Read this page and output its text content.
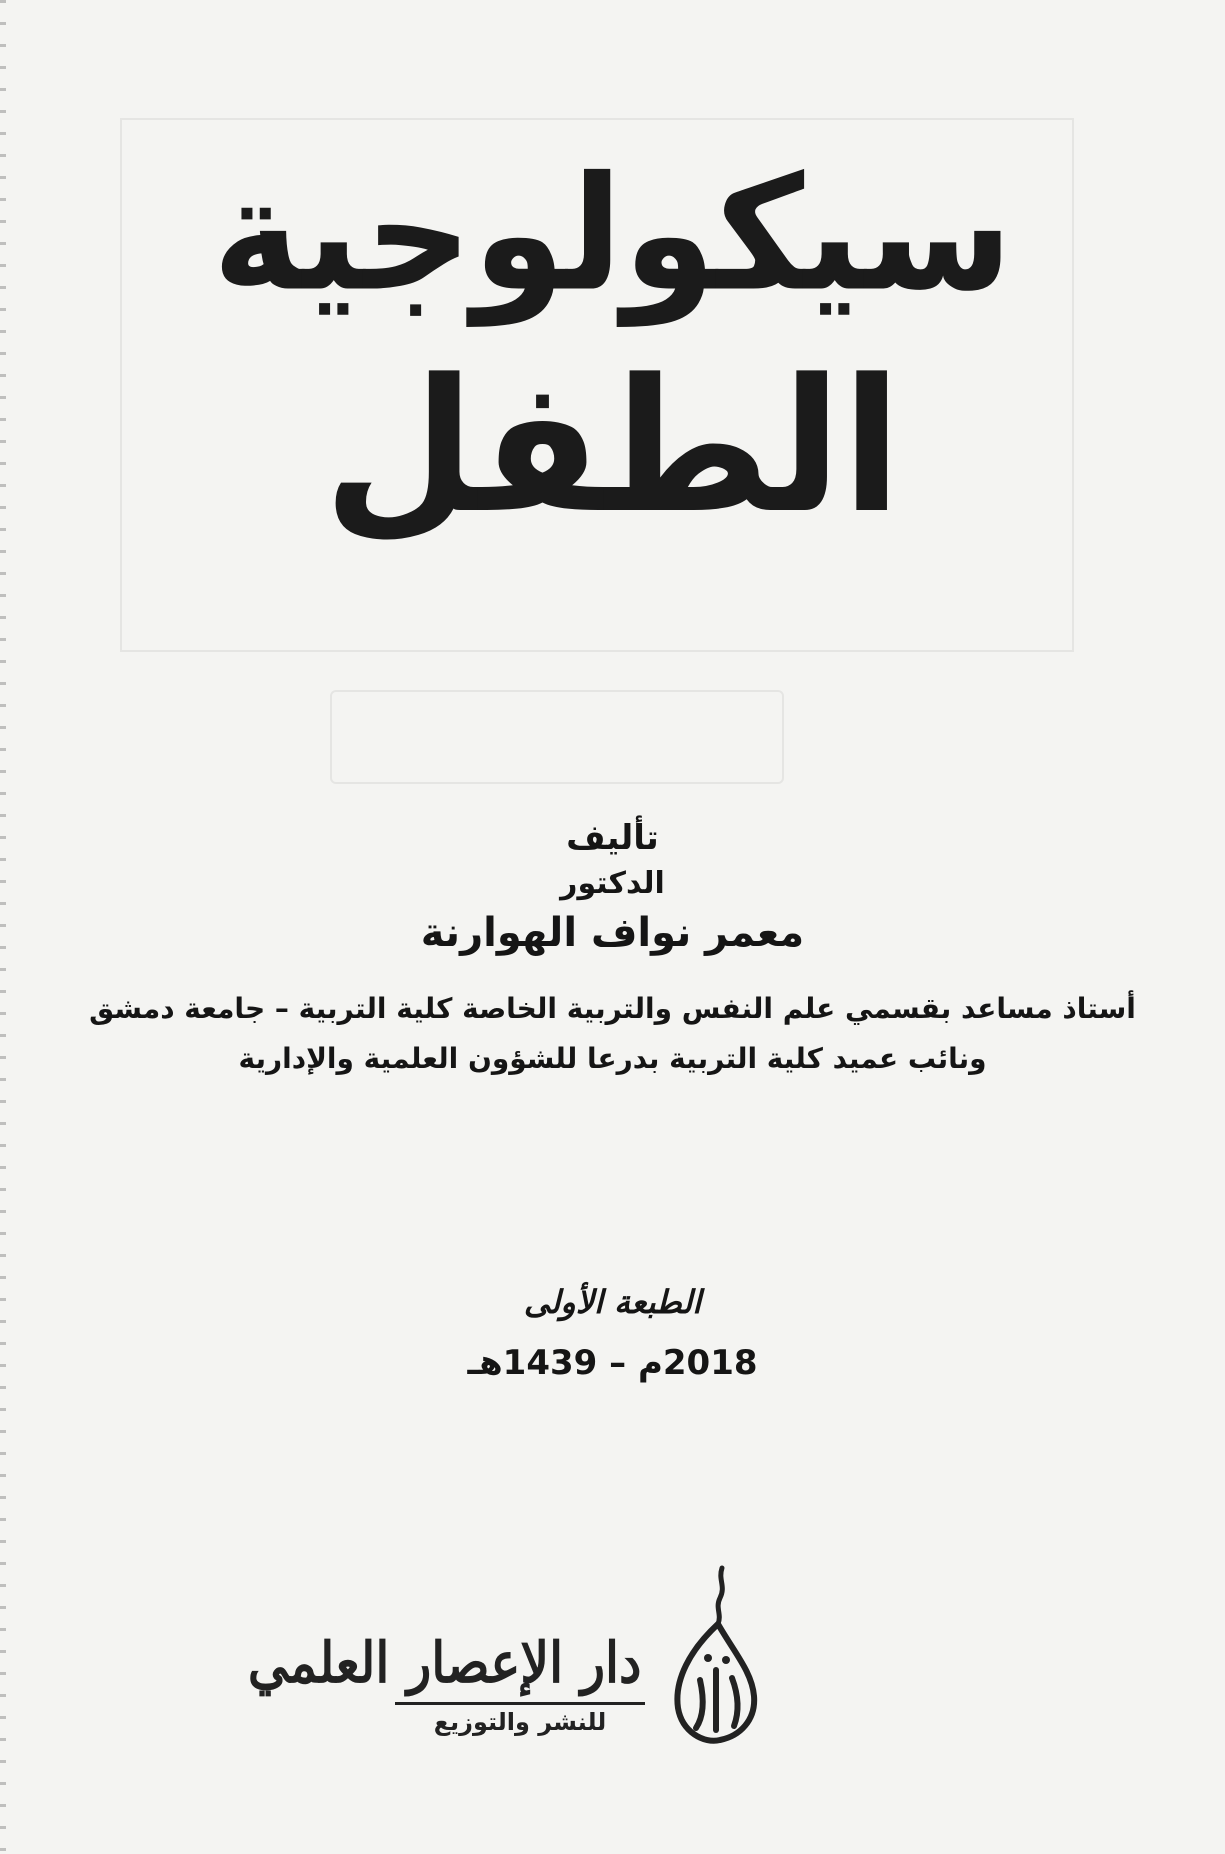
سيكولوجية
الطفل
تأليف
الدكتور
معمر نواف الهوارنة
أستاذ مساعد بقسمي علم النفس والتربية الخاصة كلية التربية – جامعة دمشق
ونائب عميد كلية التربية بدرعا للشؤون العلمية والإدارية
الطبعة الأولى
2018م – 1439هـ
دار الإعصار العلمي
للنشر والتوزيع
